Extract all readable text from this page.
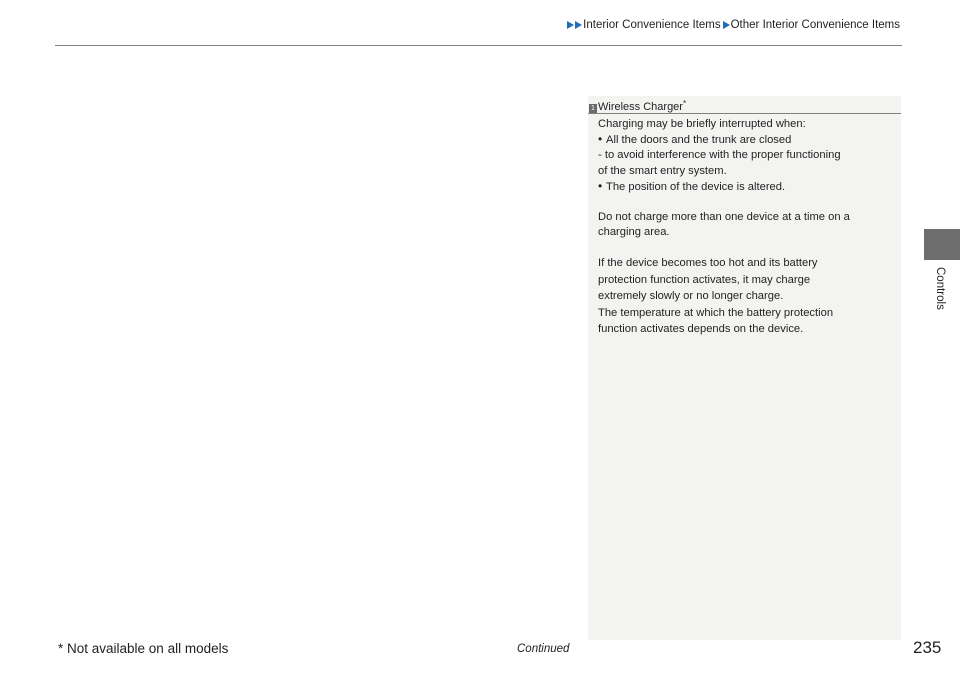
Interior Convenience Items Other Interior Convenience Items
1 Wireless Charger*

Charging may be briefly interrupted when:

• All the doors and the trunk are closed

- to avoid interference with the proper functioning

of the smart entry system.

• The position of the device is altered.

Do not charge more than one device at a time on a

charging area.

If the device becomes too hot and its battery

protection function activates, it may charge

extremely slowly or no longer charge.

The temperature at which the battery protection

function activates depends on the device.

Controls
* Not available on all models	Continued	235
